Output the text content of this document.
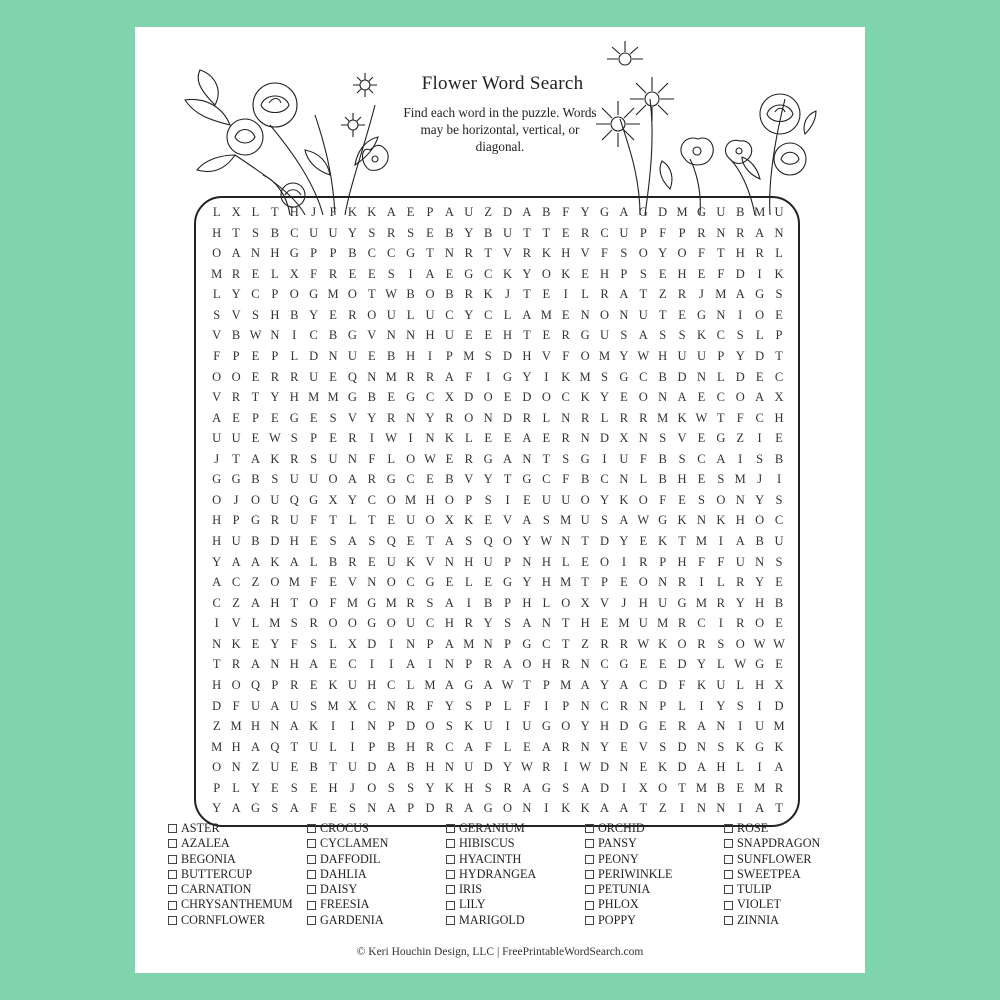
Flower Word Search
Find each word in the puzzle. Words may be horizontal, vertical, or diagonal.
L X L T H J	F K K A E P A U Z D A B F Y G A G D M G U B M U
H T S B C U U Y S R S E B Y B U T T E R C U P F P R N R A N
O A N H G P P B C C G T N R T V R K H V F S O Y O F T H R L
M R E L X F R E E S	I	A E G C K Y O K E H P S E H E F D	I	K
L Y C P O G M O T W B O B R K J	T E	I	L R A T Z R	J M A G S
S V S H B Y E R O U L U C Y C L A M E N O N U T E G N	I	O E
V B W N	I	C B G V N N H U E E H T E R G U S A S S K C S L P
F P E P L D N U E B H	I	P M S D H V F O M Y W H U U P Y D T
O O E R R U E Q N M R R A F	I	G Y	I	K M S G C B D N L D E C
V R T Y H M M G B E G C X D O E D O C K Y E O N A E C O A X
A E P E G E S V Y R N Y R O N D R L N R L R R M K W T F C H
U U E W S P E R	I W I	N K L E E A E R N D X N S V E G Z	I	E
J	T A K R S U N F L O W E R G A N T S G	I	U F B S C A	I	S B
G G B S U U O A R G C E B V Y T G C F B C N L B H E S M J	I
O J O U Q G X Y C O M H O P S	I	E U U O Y K O F E S O N Y S
H P G R U F T L T E U O X K E V A S M U S A W G K N K H O C
H U B D H E S A S Q E T A S Q O Y W N T D Y E K T M I	A B U
Y A A K A L B R E U K V N H U P N H L E O	I	R P H F F U N S
A C Z O M F E V N O C G E L E G Y H M T P E O N R	I	L R Y E
C Z A H T O F M G M R S A	I	B P H L O X V J H U G M R Y H B
I	V L M S R O O G O U C H R Y S A N T H E M U M R C	I	R O E
N K E Y F S L X D	I	N P A M N P G C T Z R R W K O R S O W W
T R A N H A E C	I	I	A	I	N P R A O H R N C G E E D Y L W G E
H O Q P R E K U H C L M A G A W T P M A Y A C D F K U L H X
D F U A U S M X C N R F Y S P L F	I	P N C R N P L	I	Y S	I	D
Z M H N A K	I	I	N P D O S K U	I	U G O Y H D G E R A N	I	U M
M H A Q T U L	I	P B H R C A F L E A R N Y E V S D N S K G K
O N Z U E B T U D A B H N U D Y W R	I W D N E K D A H L	I	A
P L Y E S E H J O S S Y K H S R A G S A D	I	X O T M B E M R
Y A G S A F E S N A P D R A G O N	I	K K A A T Z	I	N N	I	A T
ASTER
AZALEA
BEGONIA
BUTTERCUP
CARNATION
CHRYSANTHEMUM
CORNFLOWER
CROCUS
CYCLAMEN
DAFFODIL
DAHLIA
DAISY
FREESIA
GARDENIA
GERANIUM
HIBISCUS
HYACINTH
HYDRANGEA
IRIS
LILY
MARIGOLD
ORCHID
PANSY
PEONY
PERIWINKLE
PETUNIA
PHLOX
POPPY
ROSE
SNAPDRAGON
SUNFLOWER
SWEETPEA
TULIP
VIOLET
ZINNIA
© Keri Houchin Design, LLC | FreePrintableWordSearch.com
